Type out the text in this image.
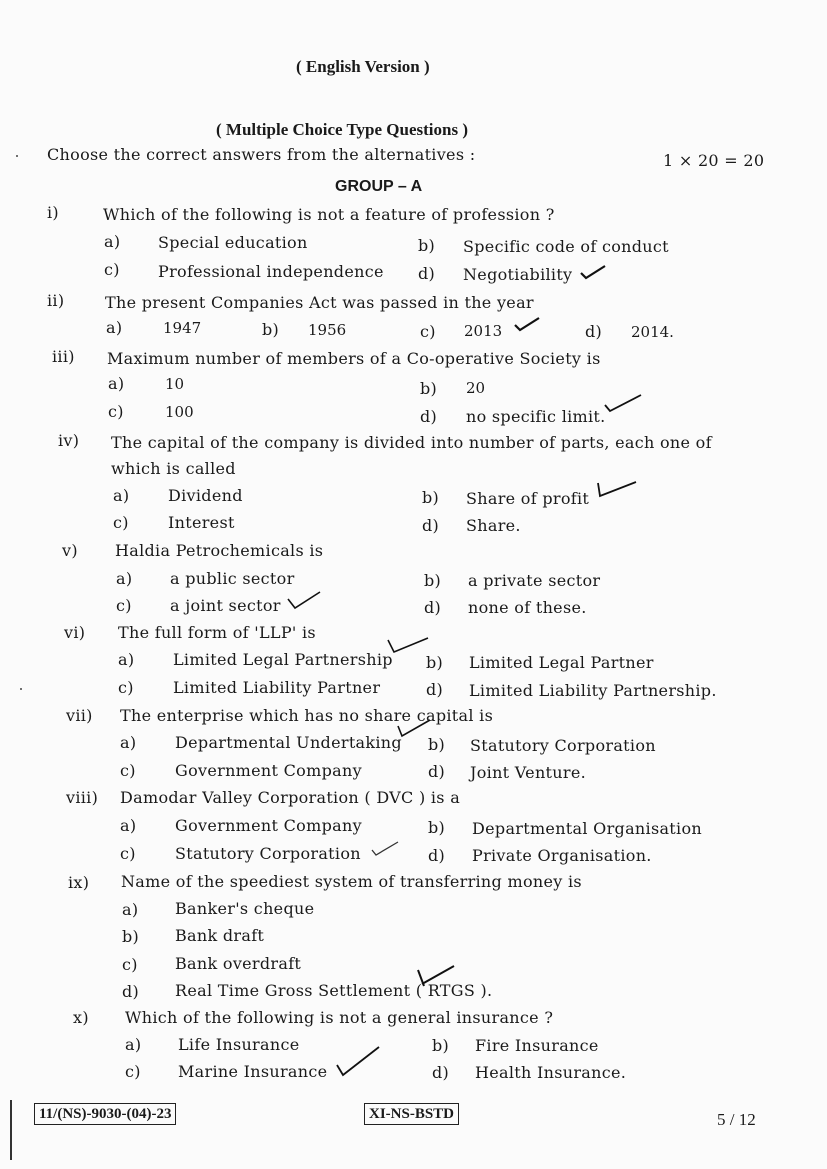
( English Version )
( Multiple Choice Type Questions )
Choose the correct answers from the alternatives :	1 × 20 = 20
GROUP – A
i)	Which of the following is not a feature of profession ?
a) Special education	b) Specific code of conduct
c) Professional independence d) Negotiability
ii)	The present Companies Act was passed in the year
a)	1947	b) 1956	c) 2013	d) 2014.
iii) Maximum number of members of a Co-operative Society is
a)	10	b) 20
c)	100	d) no specific limit.
iv) The capital of the company is divided into number of parts, each one of
which is called
a) Dividend	b) Share of profit
c) Interest	d) Share.
v) Haldia Petrochemicals is
a) a public sector	b) a private sector
c) a joint sector	d) none of these.
vi) The full form of 'LLP' is
a) Limited Legal Partnership b) Limited Legal Partner
c) Limited Liability Partner	d) Limited Liability Partnership.
vii) The enterprise which has no share capital is
a) Departmental Undertaking b) Statutory Corporation
c) Government Company	d) Joint Venture.
viii) Damodar Valley Corporation ( DVC ) is a
a) Government Company	b) Departmental Organisation
c) Statutory Corporation	d) Private Organisation.
ix) Name of the speediest system of transferring money is
a) Banker's cheque
b) Bank draft
c) Bank overdraft
d) Real Time Gross Settlement ( RTGS ).
x) Which of the following is not a general insurance ?
a) Life Insurance	b) Fire Insurance
c) Marine Insurance	d) Health Insurance.
11/(NS)-9030-(04)-23	XI-NS-BSTD	5 / 12
